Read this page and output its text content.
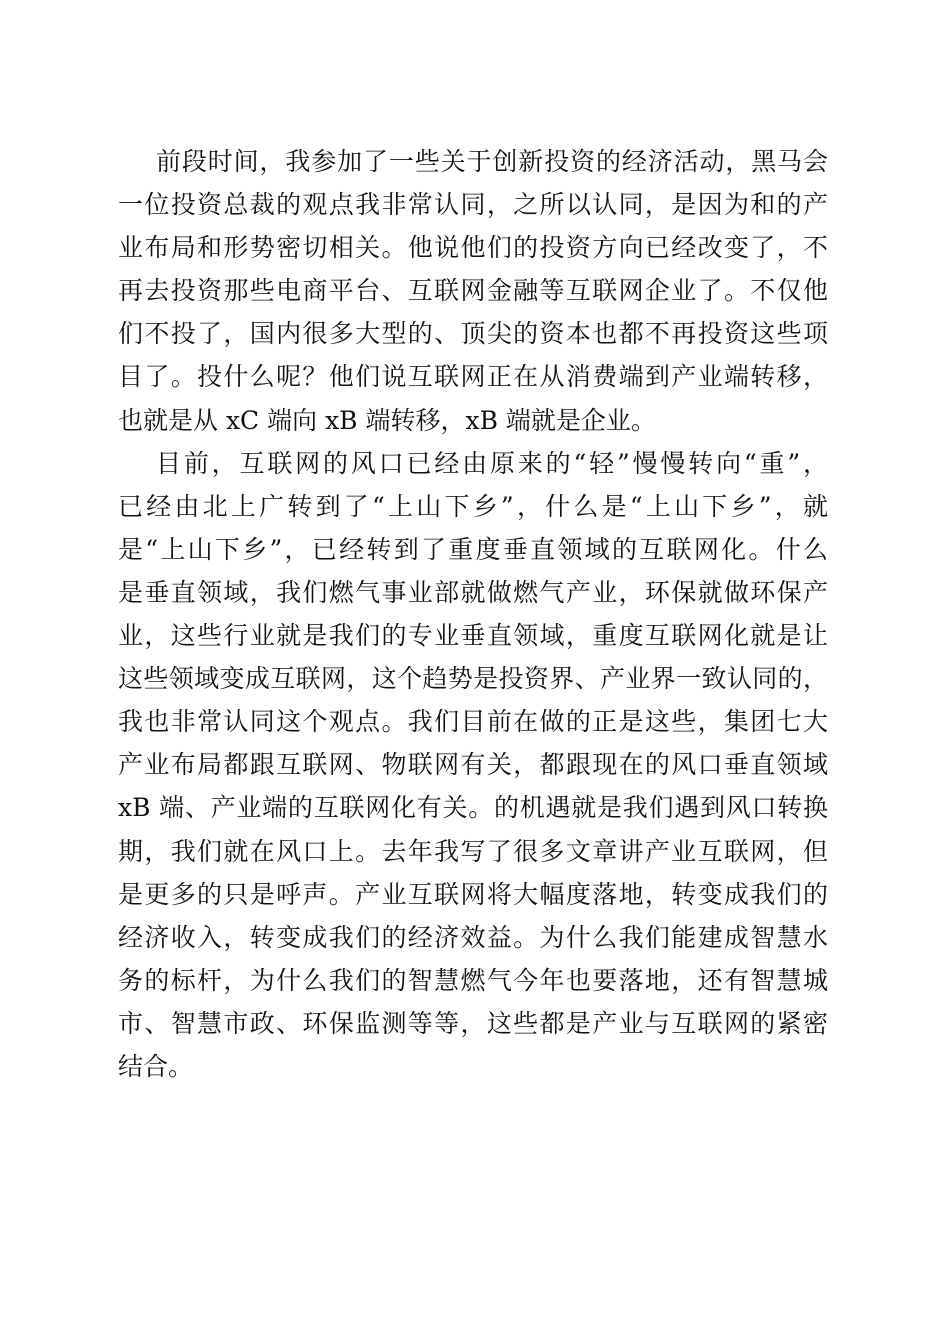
前段时间，我参加了一些关于创新投资的经济活动，黑马会
一位投资总裁的观点我非常认同，之所以认同，是因为和的产
业布局和形势密切相关。他说他们的投资方向已经改变了，不
再去投资那些电商平台、互联网金融等互联网企业了。不仅他
们不投了，国内很多大型的、顶尖的资本也都不再投资这些项
目了。投什么呢？他们说互联网正在从消费端到产业端转移，
也就是从 xC 端向 xB 端转移，xB 端就是企业。
目前，互联网的风口已经由原来的“轻”慢慢转向“重”，
已经由北上广转到了“上山下乡”，什么是“上山下乡”，就
是“上山下乡”，已经转到了重度垂直领域的互联网化。什么
是垂直领域，我们燃气事业部就做燃气产业，环保就做环保产
业，这些行业就是我们的专业垂直领域，重度互联网化就是让
这些领域变成互联网，这个趋势是投资界、产业界一致认同的，
我也非常认同这个观点。我们目前在做的正是这些，集团七大
产业布局都跟互联网、物联网有关，都跟现在的风口垂直领域
xB 端、产业端的互联网化有关。的机遇就是我们遇到风口转换
期，我们就在风口上。去年我写了很多文章讲产业互联网，但
是更多的只是呼声。产业互联网将大幅度落地，转变成我们的
经济收入，转变成我们的经济效益。为什么我们能建成智慧水
务的标杆，为什么我们的智慧燃气今年也要落地，还有智慧城
市、智慧市政、环保监测等等，这些都是产业与互联网的紧密
结合。
